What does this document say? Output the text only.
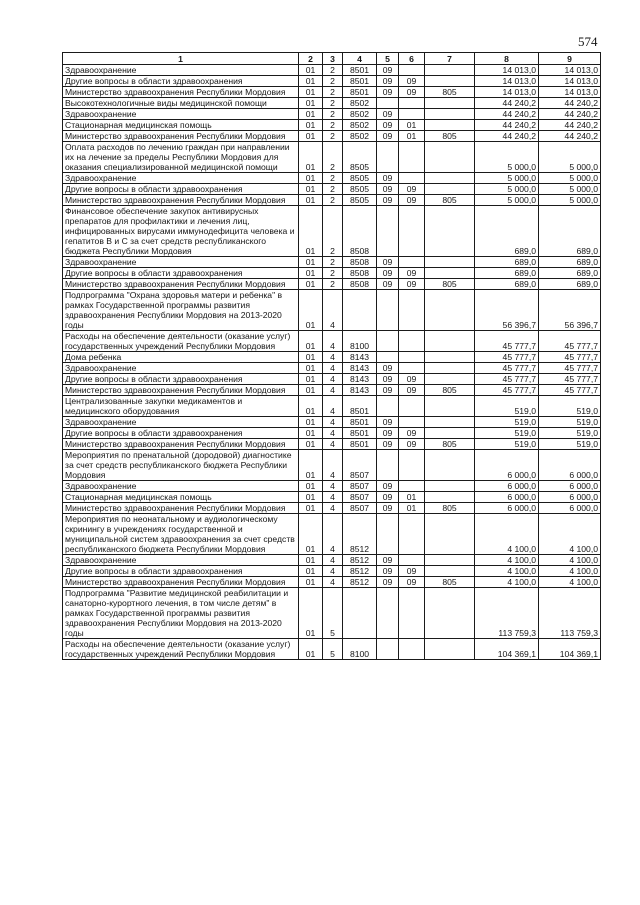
574
1	2	3	4	5	6	7	8	9
Здравоохранение	01	2	8501	09			14 013,0	14 013,0
Другие вопросы в области здравоохранения	01	2	8501	09	09		14 013,0	14 013,0
Министерство здравоохранения Республики Мордовия	01	2	8501	09	09	805	14 013,0	14 013,0
Высокотехнологичные виды медицинской помощи	01	2	8502				44 240,2	44 240,2
Здравоохранение	01	2	8502	09			44 240,2	44 240,2
Стационарная медицинская помощь	01	2	8502	09	01		44 240,2	44 240,2
Министерство здравоохранения Республики Мордовия	01	2	8502	09	01	805	44 240,2	44 240,2
Оплата расходов по лечению граждан при направлении их на лечение за пределы Республики Мордовия для оказания специализированной медицинской помощи	01	2	8505				5 000,0	5 000,0
Здравоохранение	01	2	8505	09			5 000,0	5 000,0
Другие вопросы в области здравоохранения	01	2	8505	09	09		5 000,0	5 000,0
Министерство здравоохранения Республики Мордовия	01	2	8505	09	09	805	5 000,0	5 000,0
Финансовое обеспечение закупок антивирусных препаратов для профилактики и лечения лиц, инфицированных вирусами иммунодефицита человека и гепатитов В и С за счет средств республиканского бюджета Республики Мордовия	01	2	8508				689,0	689,0
Здравоохранение	01	2	8508	09			689,0	689,0
Другие вопросы в области здравоохранения	01	2	8508	09	09		689,0	689,0
Министерство здравоохранения Республики Мордовия	01	2	8508	09	09	805	689,0	689,0
Подпрограмма "Охрана здоровья матери и ребенка" в рамках Государственной программы развития здравоохранения Республики Мордовия на 2013-2020 годы	01	4					56 396,7	56 396,7
Расходы на обеспечение деятельности (оказание услуг) государственных учреждений Республики Мордовия	01	4	8100				45 777,7	45 777,7
Дома ребенка	01	4	8143				45 777,7	45 777,7
Здравоохранение	01	4	8143	09			45 777,7	45 777,7
Другие вопросы в области здравоохранения	01	4	8143	09	09		45 777,7	45 777,7
Министерство здравоохранения Республики Мордовия	01	4	8143	09	09	805	45 777,7	45 777,7
Централизованные закупки медикаментов и медицинского оборудования	01	4	8501				519,0	519,0
Здравоохранение	01	4	8501	09			519,0	519,0
Другие вопросы в области здравоохранения	01	4	8501	09	09		519,0	519,0
Министерство здравоохранения Республики Мордовия	01	4	8501	09	09	805	519,0	519,0
Мероприятия по пренатальной (дородовой) диагностике за счет средств республиканского бюджета Республики Мордовия	01	4	8507				6 000,0	6 000,0
Здравоохранение	01	4	8507	09			6 000,0	6 000,0
Стационарная медицинская помощь	01	4	8507	09	01		6 000,0	6 000,0
Министерство здравоохранения Республики Мордовия	01	4	8507	09	01	805	6 000,0	6 000,0
Мероприятия по неонатальному и аудиологическому скринингу в учреждениях государственной и муниципальной систем здравоохранения за счет средств республиканского бюджета Республики Мордовия	01	4	8512				4 100,0	4 100,0
Здравоохранение	01	4	8512	09			4 100,0	4 100,0
Другие вопросы в области здравоохранения	01	4	8512	09	09		4 100,0	4 100,0
Министерство здравоохранения Республики Мордовия	01	4	8512	09	09	805	4 100,0	4 100,0
Подпрограмма "Развитие медицинской реабилитации и санаторно-курортного лечения, в том числе детям" в рамках Государственной программы развития здравоохранения Республики Мордовия на 2013-2020 годы	01	5					113 759,3	113 759,3
Расходы на обеспечение деятельности (оказание услуг) государственных учреждений Республики Мордовия	01	5	8100				104 369,1	104 369,1
